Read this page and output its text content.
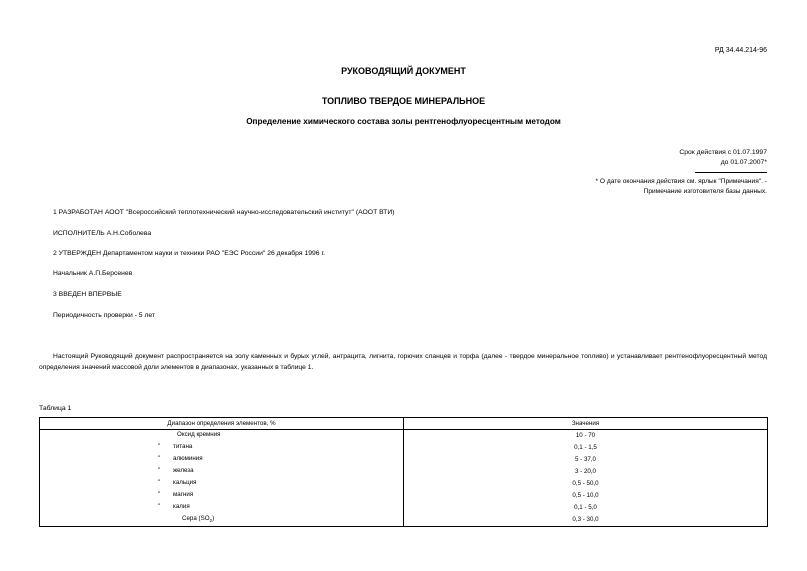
РД 34.44.214-96
РУКОВОДЯЩИЙ ДОКУМЕНТ
ТОПЛИВО ТВЕРДОЕ МИНЕРАЛЬНОЕ
Определение химического состава золы рентгенофлуоресцентным методом
Срок действия с 01.07.1997
до 01.07.2007*
* О дате окончания действия см. ярлык "Примечания". -
Примечание изготовителя базы данных.
1 РАЗРАБОТАН АООТ "Всероссийский теплотехнический научно-исследовательский институт" (АООТ ВТИ)
ИСПОЛНИТЕЛЬ А.Н.Соболева
2 УТВЕРЖДЕН Департаментом науки и техники РАО "ЕЭС России" 26 декабря 1996 г.
Начальник А.П.Берсенев
3 ВВЕДЕН ВПЕРВЫЕ
Периодичность проверки - 5 лет
Настоящий Руководящий документ распространяется на золу каменных и бурых углей, антрацита, лигнита, горючих сланцев и торфа (далее - твердое минеральное топливо) и устанавливает рентгенофлуоресцентный метод определения значений массовой доли элементов в диапазонах, указанных в таблице 1.
Таблица 1
Диапазон определения элементов, %	Значения

Оксид кремния	10 - 70

" титана	0,1 - 1,5

" алюминия	5 - 37,0

" железа	3 - 20,0

" кальция	0,5 - 50,0

" магния	0,5 - 10,0

" калия	0,1 - 5,0

Сера (SO2)	0,3 - 30,0
